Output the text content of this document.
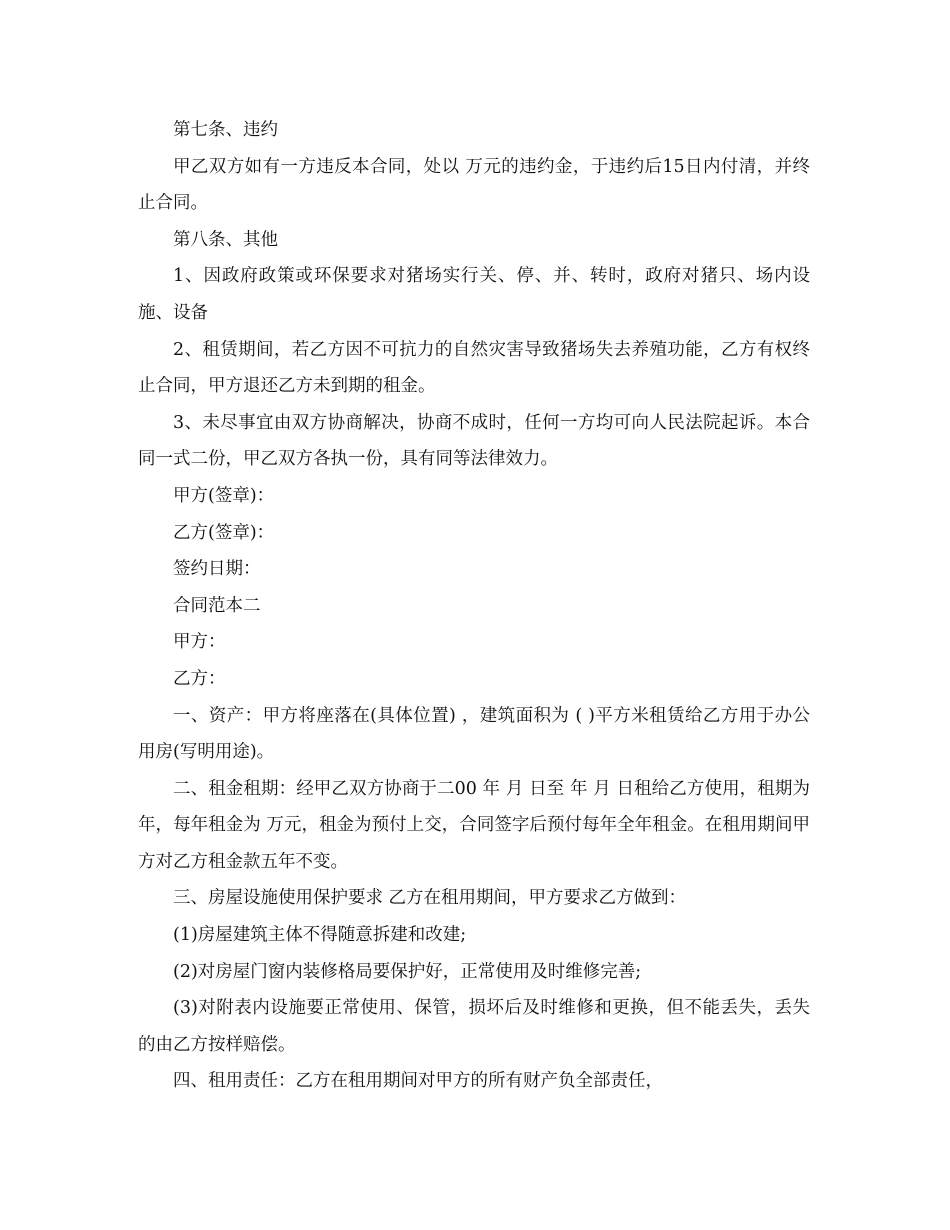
第七条、违约

甲乙双方如有一方违反本合同，处以 万元的违约金，于违约后15日内付清，并终止合同。

第八条、其他

1、因政府政策或环保要求对猪场实行关、停、并、转时，政府对猪只、场内设施、设备

2、租赁期间，若乙方因不可抗力的自然灾害导致猪场失去养殖功能，乙方有权终止合同，甲方退还乙方未到期的租金。

3、未尽事宜由双方协商解决，协商不成时，任何一方均可向人民法院起诉。本合同一式二份，甲乙双方各执一份，具有同等法律效力。

甲方(签章)：

乙方(签章)：

签约日期：

合同范本二

甲方：

乙方：

一、资产：甲方将座落在(具体位置) ，建筑面积为 ( )平方米租赁给乙方用于办公用房(写明用途)。

二、租金租期：经甲乙双方协商于二00 年 月 日至 年 月 日租给乙方使用，租期为 年，每年租金为 万元，租金为预付上交，合同签字后预付每年全年租金。在租用期间甲方对乙方租金款五年不变。

三、房屋设施使用保护要求 乙方在租用期间，甲方要求乙方做到：

(1)房屋建筑主体不得随意拆建和改建;

(2)对房屋门窗内装修格局要保护好，正常使用及时维修完善;

(3)对附表内设施要正常使用、保管，损坏后及时维修和更换，但不能丢失，丢失的由乙方按样赔偿。

四、租用责任：乙方在租用期间对甲方的所有财产负全部责任，
